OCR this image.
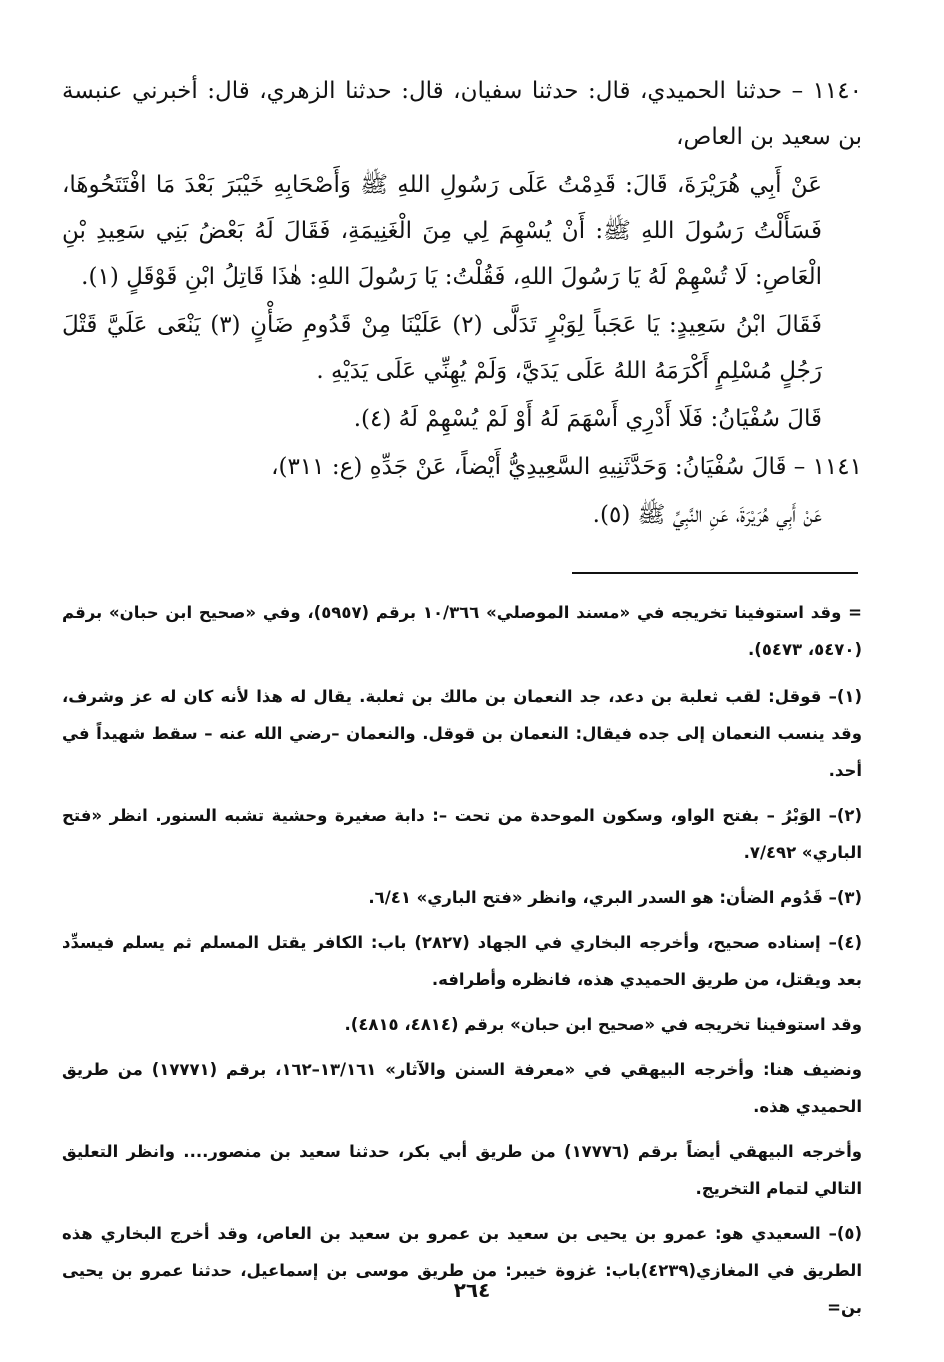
١١٤٠ – حدثنا الحميدي، قال: حدثنا سفيان، قال: حدثنا الزهري، قال: أخبرني عنبسة بن سعيد بن العاص،

عَنْ أَبِي هُرَيْرَةَ، قَالَ: قَدِمْتُ عَلَى رَسُولِ اللهِ ﷺ وَأَصْحَابِهِ خَيْبَرَ بَعْدَ مَا افْتَتَحُوهَا، فَسَأَلْتُ رَسُولَ اللهِ ﷺ: أَنْ يُسْهِمَ لِي مِنَ الْغَنِيمَةِ، فَقَالَ لَهُ بَعْضُ بَنِي سَعِيدِ بْنِ الْعَاصِ: لَا تُسْهِمْ لَهُ يَا رَسُولَ اللهِ، فَقُلْتُ: يَا رَسُولَ اللهِ: هٰذَا قَاتِلُ ابْنِ قَوْقَلٍ (١).

فَقَالَ ابْنُ سَعِيدٍ: يَا عَجَباً لِوَبْرٍ تَدَلَّى (٢) عَلَيْنَا مِنْ قَدُومِ ضَأْنٍ (٣) يَنْعَى عَلَيَّ قَتْلَ رَجُلٍ مُسْلِمٍ أَكْرَمَهُ اللهُ عَلَى يَدَيَّ، وَلَمْ يُهِنِّي عَلَى يَدَيْهِ .

قَالَ سُفْيَانُ: فَلَا أَدْرِي أَسْهَمَ لَهُ أَوْ لَمْ يُسْهِمْ لَهُ (٤).

١١٤١ – قَالَ سُفْيَانُ: وَحَدَّثَنِيهِ السَّعِيدِيُّ أَيْضاً، عَنْ جَدِّهِ (ع: ٣١١)،

عَنْ أَبِي هُرَيْرَةَ، عَنِ النَّبِيِّ ﷺ (٥).

= وقد استوفينا تخريجه في «مسند الموصلي» ١٠/٣٦٦ برقم (٥٩٥٧)، وفي «صحيح ابن حبان» برقم (٥٤٧٠، ٥٤٧٣).

(١)– قوقل: لقب ثعلبة بن دعد، جد النعمان بن مالك بن ثعلبة. يقال له هذا لأنه كان له عز وشرف، وقد ينسب النعمان إلى جده فيقال: النعمان بن قوقل. والنعمان –رضي الله عنه – سقط شهيداً في أحد.

(٢)– الوَبْرُ – بفتح الواو، وسكون الموحدة من تحت –: دابة صغيرة وحشية تشبه السنور. انظر «فتح الباري» ٧/٤٩٢.

(٣)– قَدُوم الضأن: هو السدر البري، وانظر «فتح الباري» ٦/٤١.

(٤)– إسناده صحيح، وأخرجه البخاري في الجهاد (٢٨٢٧) باب: الكافر يقتل المسلم ثم يسلم فيسدِّد بعد ويقتل، من طريق الحميدي هذه، فانظره وأطرافه.

وقد استوفينا تخريجه في «صحيح ابن حبان» برقم (٤٨١٤، ٤٨١٥).

ونضيف هنا: وأخرجه البيهقي في «معرفة السنن والآثار» ١٣/١٦١–١٦٢، برقم (١٧٧٧١) من طريق الحميدي هذه.

وأخرجه البيهقي أيضاً برقم (١٧٧٧٦) من طريق أبي بكر، حدثنا سعيد بن منصور.... وانظر التعليق التالي لتمام التخريج.

(٥)– السعيدي هو: عمرو بن يحيى بن سعيد بن عمرو بن سعيد بن العاص، وقد أخرج البخاري هذه الطريق في المغازي(٤٢٣٩)باب: غزوة خيبر: من طريق موسى بن إسماعيل، حدثنا عمرو بن يحيى بن=

٢٦٤
